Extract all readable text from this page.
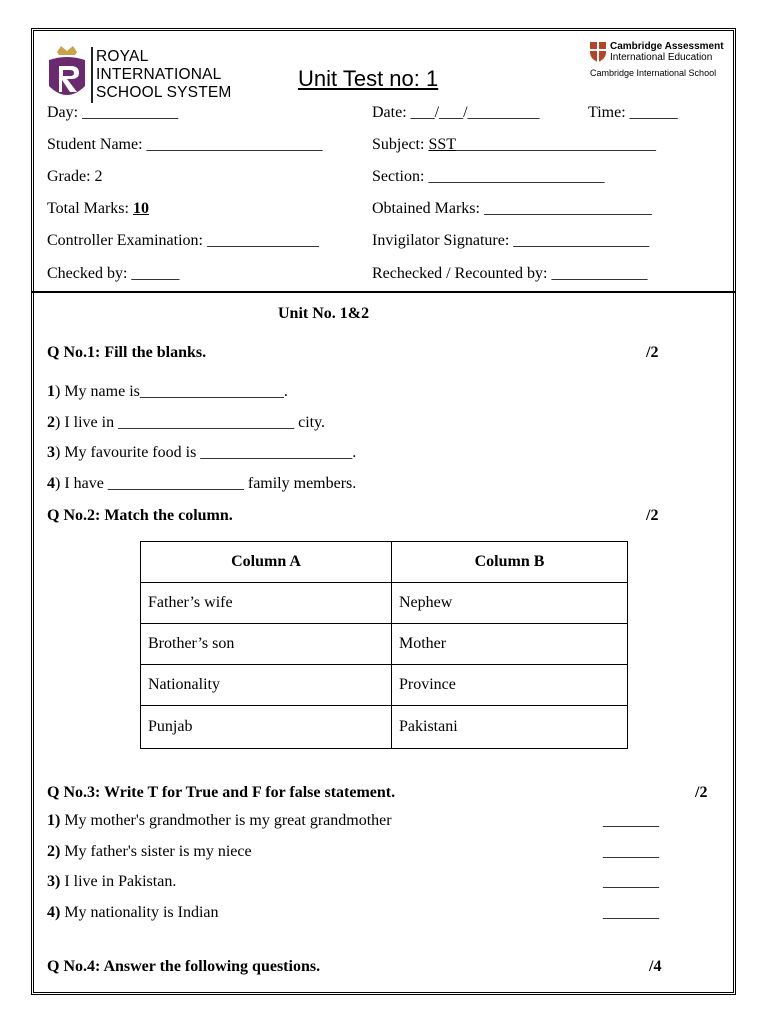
ROYAL
INTERNATIONAL
SCHOOL SYSTEM
Unit Test no: 1
Cambridge Assessment
International Education
Cambridge International School
Day: ____________	Date: ___/___/_________	Time: ______
Student Name: ______________________	Subject: SST_________________________
Grade: 2	Section: ______________________
Total Marks: 10	Obtained Marks: _____________________
Controller Examination: ______________	Invigilator Signature: _________________
Checked by: ______	Rechecked / Recounted by: ____________
Unit No. 1&2
Q No.1: Fill the blanks.	/2
1) My name is__________________.
2) I live in ______________________ city.
3) My favourite food is ___________________.
4) I have _________________ family members.
Q No.2: Match the column.	/2
Column A	Column B
Father’s wife	Nephew
Brother’s son	Mother
Nationality	Province
Punjab	Pakistani
Q No.3: Write T for True and F for false statement.	/2
1) My mother's grandmother is my great grandmother	_______
2) My father's sister is my niece	_______
3) I live in Pakistan.	_______
4) My nationality is Indian	_______
Q No.4: Answer the following questions.	/4
